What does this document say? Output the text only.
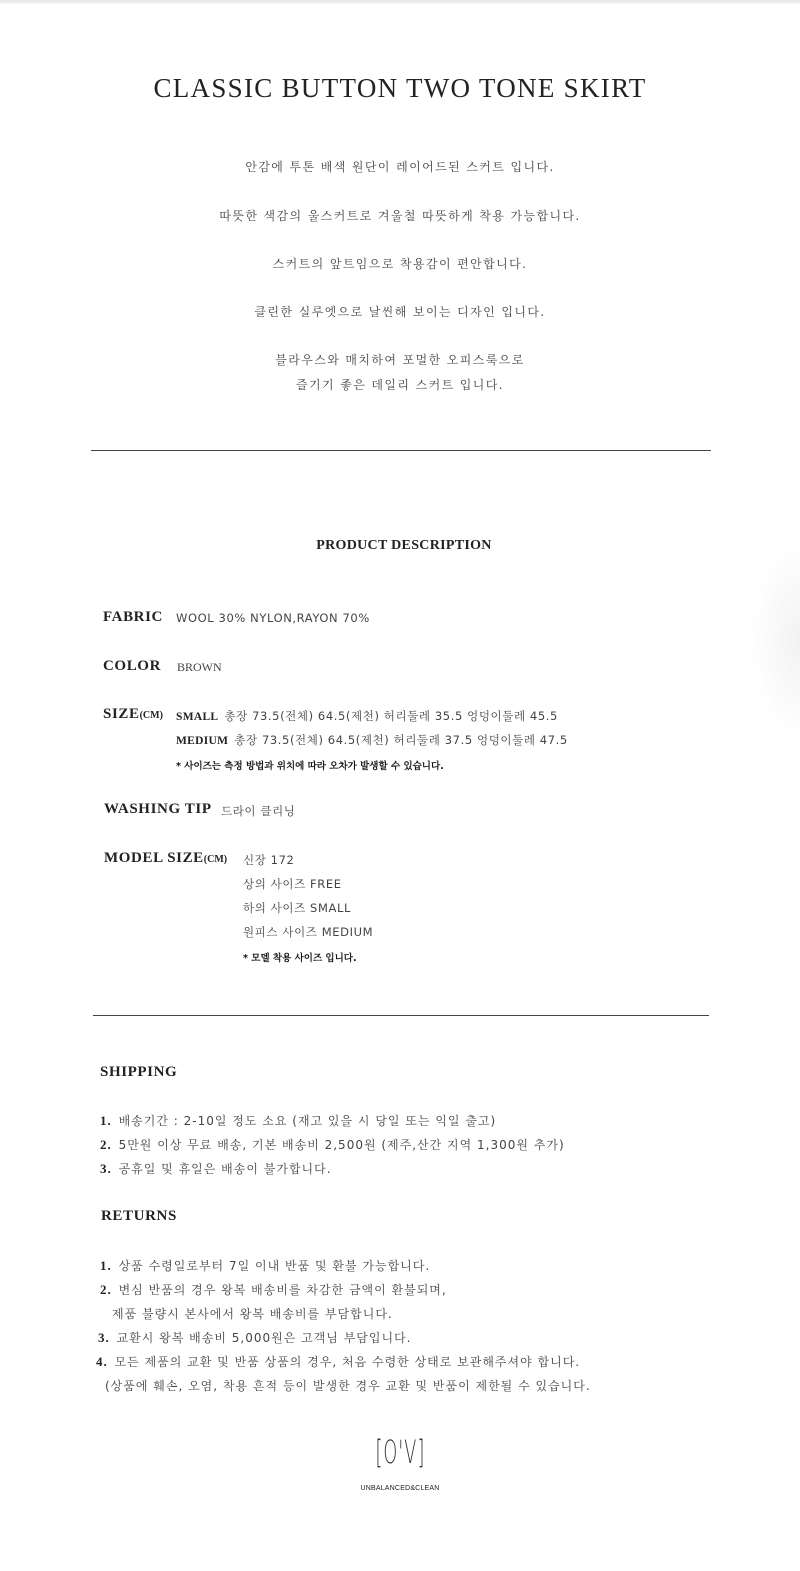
CLASSIC BUTTON TWO TONE SKIRT
안감에 투톤 배색 원단이 레이어드된 스커트 입니다.
따뜻한 색감의 울스커트로 겨울철 따뜻하게 착용 가능합니다.
스커트의 앞트임으로 착용감이 편안합니다.
클린한 실루엣으로 날씬해 보이는 디자인 입니다.
블라우스와 매치하여 포멀한 오피스룩으로
즐기기 좋은 데일리 스커트 입니다.
PRODUCT DESCRIPTION
FABRIC WOOL 30% NYLON,RAYON 70%
COLOR BROWN
SIZE(CM) SMALL 총장 73.5(전체) 64.5(제천) 허리둘레 35.5 엉덩이둘레 45.5
MEDIUM 총장 73.5(전체) 64.5(제천) 허리둘레 37.5 엉덩이둘레 47.5
* 사이즈는 측정 방법과 위치에 따라 오차가 발생할 수 있습니다.
WASHING TIP 드라이 클리닝
MODEL SIZE(CM) 신장 172
상의 사이즈 FREE
하의 사이즈 SMALL
원피스 사이즈 MEDIUM
* 모델 착용 사이즈 입니다.
SHIPPING
1. 배송기간 : 2-10일 정도 소요 (재고 있을 시 당일 또는 익일 출고)
2. 5만원 이상 무료 배송, 기본 배송비 2,500원 (제주,산간 지역 1,300원 추가)
3. 공휴일 및 휴일은 배송이 불가합니다.
RETURNS
1. 상품 수령일로부터 7일 이내 반품 및 환불 가능합니다.
2. 변심 반품의 경우 왕복 배송비를 차감한 금액이 환불되며,
제품 불량시 본사에서 왕복 배송비를 부담합니다.
3. 교환시 왕복 배송비 5,000원은 고객님 부담입니다.
4. 모든 제품의 교환 및 반품 상품의 경우, 처음 수령한 상태로 보관해주셔야 합니다.
(상품에 훼손, 오염, 착용 흔적 등이 발생한 경우 교환 및 반품이 제한될 수 있습니다.
[O'V]
UNBALANCED&CLEAN
